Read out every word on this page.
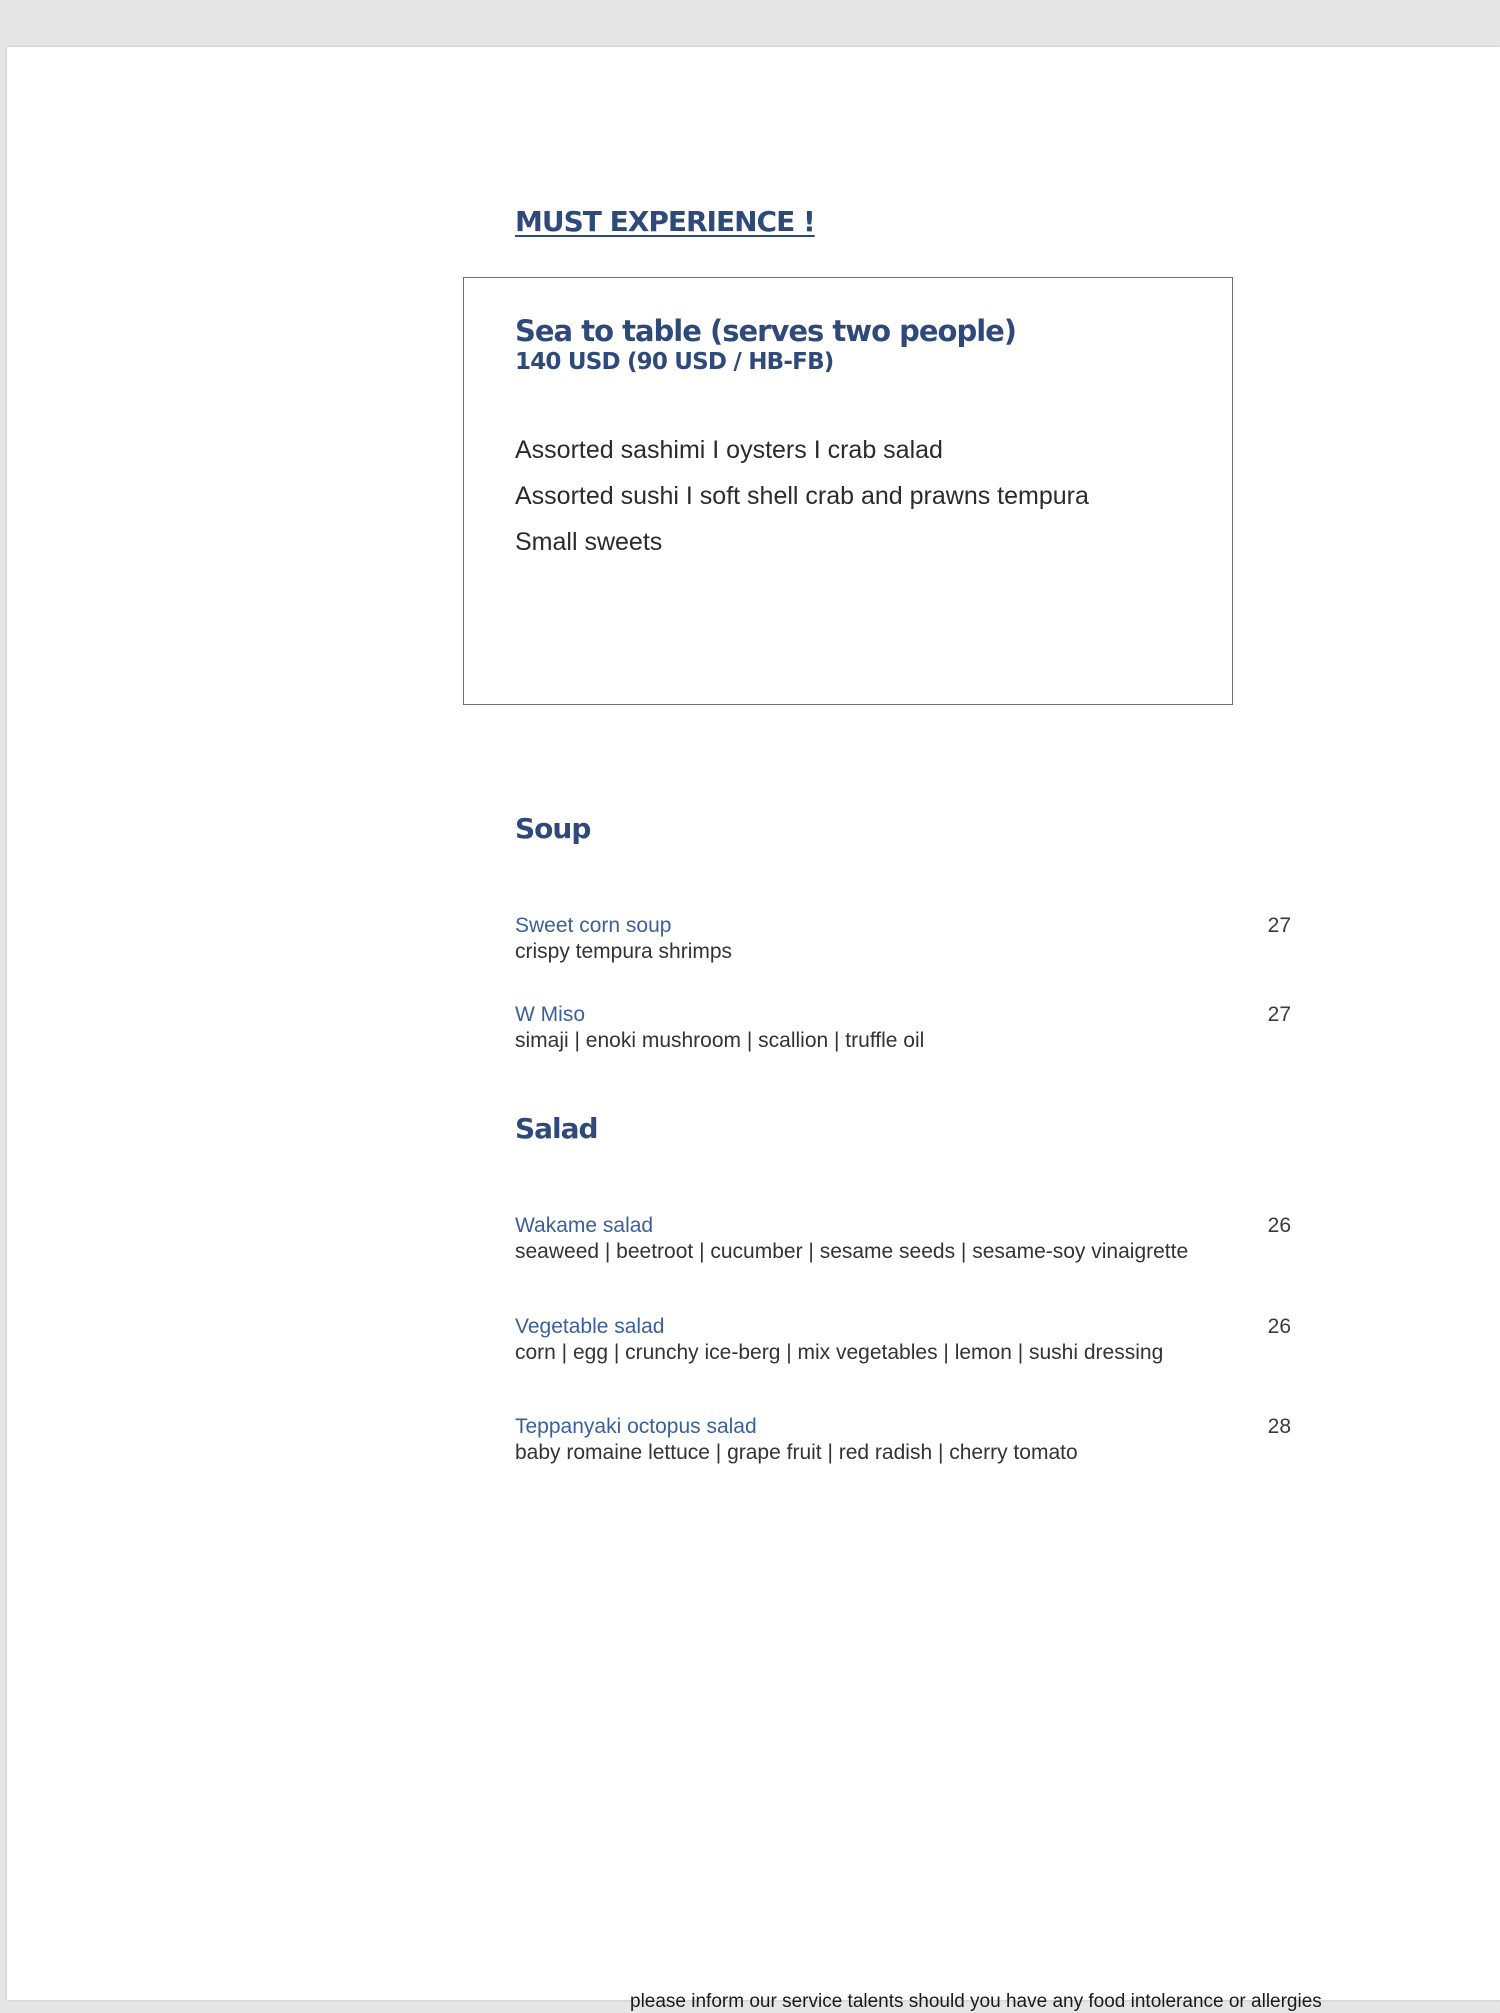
MUST EXPERIENCE !
Sea to table (serves two people)
140 USD (90 USD / HB-FB)
Assorted sashimi I oysters I crab salad
Assorted sushi I soft shell crab and prawns tempura
Small sweets
Soup
Sweet corn soup	27
crispy tempura shrimps
W Miso	27
simaji | enoki mushroom | scallion | truffle oil
Salad
Wakame salad	26
seaweed | beetroot | cucumber | sesame seeds | sesame-soy vinaigrette
Vegetable salad	26
corn | egg | crunchy ice-berg | mix vegetables | lemon | sushi dressing
Teppanyaki octopus salad	28
baby romaine lettuce | grape fruit | red radish | cherry tomato
please inform our service talents should you have any food intolerance or allergies
